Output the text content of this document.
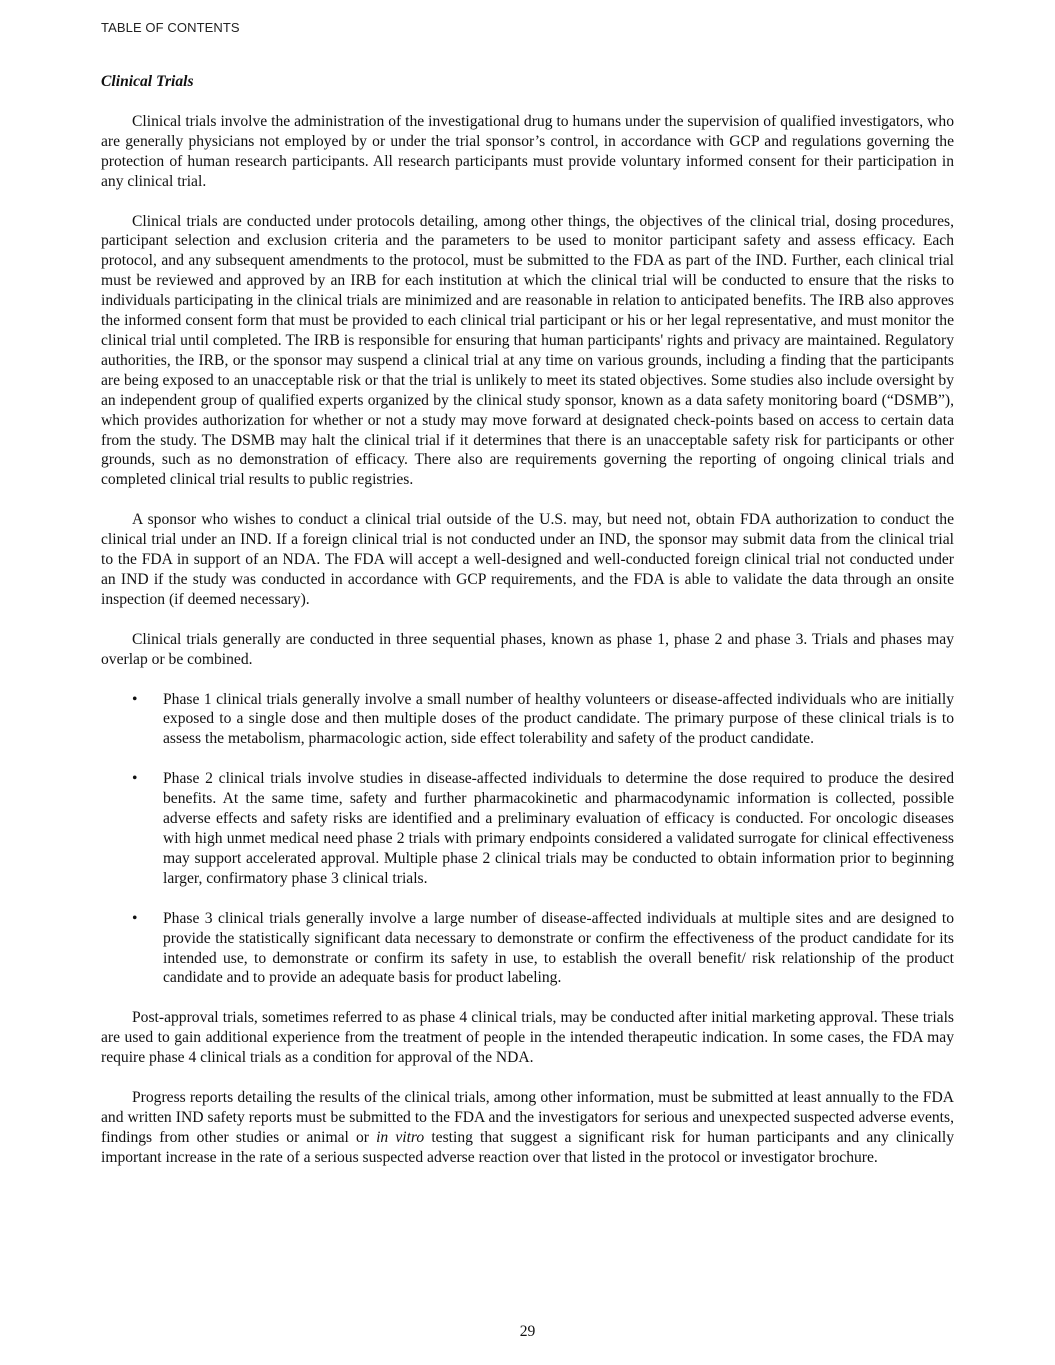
TABLE OF CONTENTS
Clinical Trials

Clinical trials involve the administration of the investigational drug to humans under the supervision of qualified investigators, who are generally physicians not employed by or under the trial sponsor’s control, in accordance with GCP and regulations governing the protection of human research participants. All research participants must provide voluntary informed consent for their participation in any clinical trial.

Clinical trials are conducted under protocols detailing, among other things, the objectives of the clinical trial, dosing procedures, participant selection and exclusion criteria and the parameters to be used to monitor participant safety and assess efficacy. Each protocol, and any subsequent amendments to the protocol, must be submitted to the FDA as part of the IND. Further, each clinical trial must be reviewed and approved by an IRB for each institution at which the clinical trial will be conducted to ensure that the risks to individuals participating in the clinical trials are minimized and are reasonable in relation to anticipated benefits. The IRB also approves the informed consent form that must be provided to each clinical trial participant or his or her legal representative, and must monitor the clinical trial until completed. The IRB is responsible for ensuring that human participants' rights and privacy are maintained. Regulatory authorities, the IRB, or the sponsor may suspend a clinical trial at any time on various grounds, including a finding that the participants are being exposed to an unacceptable risk or that the trial is unlikely to meet its stated objectives. Some studies also include oversight by an independent group of qualified experts organized by the clinical study sponsor, known as a data safety monitoring board (“DSMB”), which provides authorization for whether or not a study may move forward at designated check-points based on access to certain data from the study. The DSMB may halt the clinical trial if it determines that there is an unacceptable safety risk for participants or other grounds, such as no demonstration of efficacy. There also are requirements governing the reporting of ongoing clinical trials and completed clinical trial results to public registries.

A sponsor who wishes to conduct a clinical trial outside of the U.S. may, but need not, obtain FDA authorization to conduct the clinical trial under an IND. If a foreign clinical trial is not conducted under an IND, the sponsor may submit data from the clinical trial to the FDA in support of an NDA. The FDA will accept a well-designed and well-conducted foreign clinical trial not conducted under an IND if the study was conducted in accordance with GCP requirements, and the FDA is able to validate the data through an onsite inspection (if deemed necessary).

Clinical trials generally are conducted in three sequential phases, known as phase 1, phase 2 and phase 3. Trials and phases may overlap or be combined.

• Phase 1 clinical trials generally involve a small number of healthy volunteers or disease-affected individuals who are initially exposed to a single dose and then multiple doses of the product candidate. The primary purpose of these clinical trials is to assess the metabolism, pharmacologic action, side effect tolerability and safety of the product candidate.
• Phase 2 clinical trials involve studies in disease-affected individuals to determine the dose required to produce the desired benefits. At the same time, safety and further pharmacokinetic and pharmacodynamic information is collected, possible adverse effects and safety risks are identified and a preliminary evaluation of efficacy is conducted. For oncologic diseases with high unmet medical need phase 2 trials with primary endpoints considered a validated surrogate for clinical effectiveness may support accelerated approval. Multiple phase 2 clinical trials may be conducted to obtain information prior to beginning larger, confirmatory phase 3 clinical trials.
• Phase 3 clinical trials generally involve a large number of disease-affected individuals at multiple sites and are designed to provide the statistically significant data necessary to demonstrate or confirm the effectiveness of the product candidate for its intended use, to demonstrate or confirm its safety in use, to establish the overall benefit/ risk relationship of the product candidate and to provide an adequate basis for product labeling.

Post-approval trials, sometimes referred to as phase 4 clinical trials, may be conducted after initial marketing approval. These trials are used to gain additional experience from the treatment of people in the intended therapeutic indication. In some cases, the FDA may require phase 4 clinical trials as a condition for approval of the NDA.

Progress reports detailing the results of the clinical trials, among other information, must be submitted at least annually to the FDA and written IND safety reports must be submitted to the FDA and the investigators for serious and unexpected suspected adverse events, findings from other studies or animal or in vitro testing that suggest a significant risk for human participants and any clinically important increase in the rate of a serious suspected adverse reaction over that listed in the protocol or investigator brochure.

29
